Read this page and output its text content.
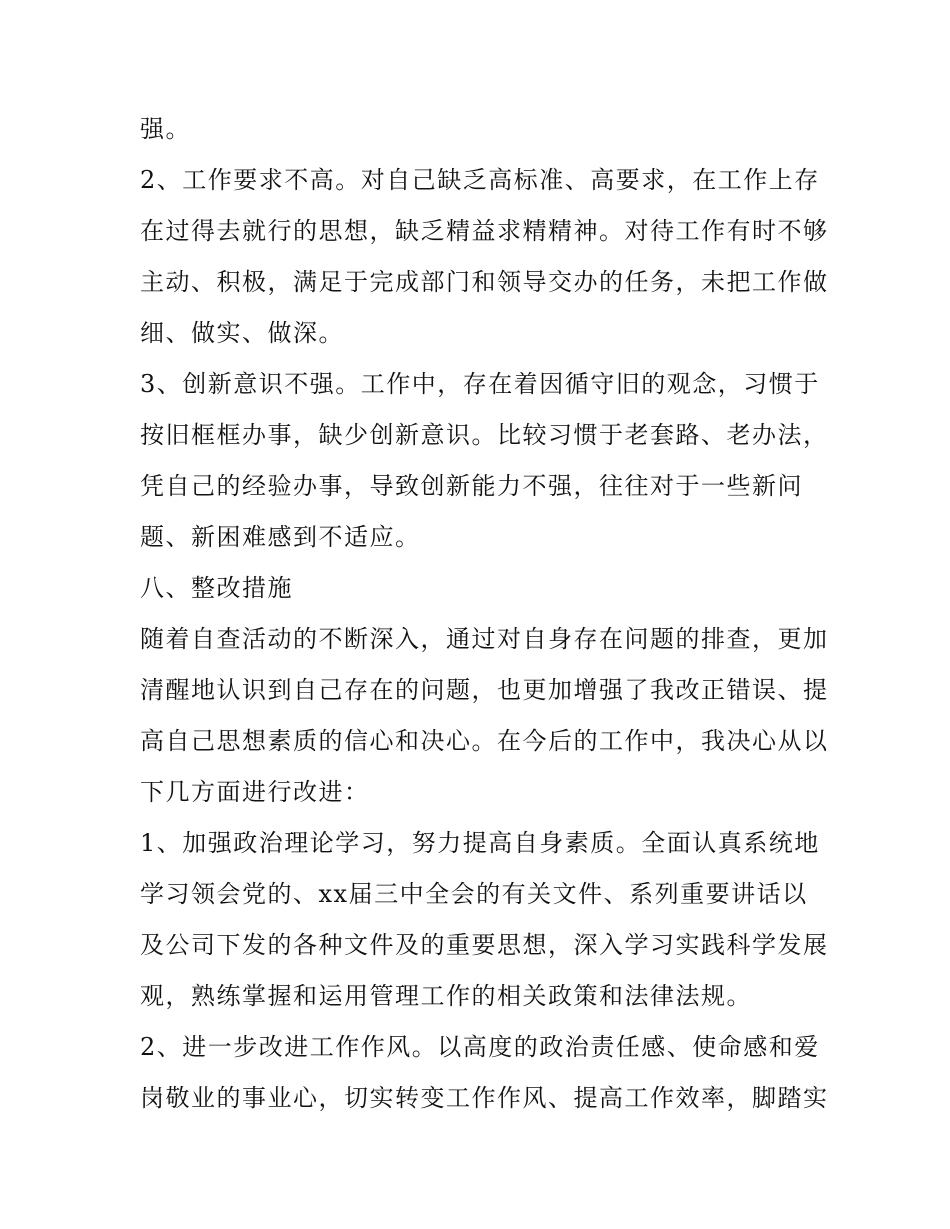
强。

2、工作要求不高。对自己缺乏高标准、高要求，在工作上存

在过得去就行的思想，缺乏精益求精精神。对待工作有时不够

主动、积极，满足于完成部门和领导交办的任务，未把工作做

细、做实、做深。

3、创新意识不强。工作中，存在着因循守旧的观念，习惯于

按旧框框办事，缺少创新意识。比较习惯于老套路、老办法，

凭自己的经验办事，导致创新能力不强，往往对于一些新问

题、新困难感到不适应。

八、整改措施

随着自查活动的不断深入，通过对自身存在问题的排查，更加

清醒地认识到自己存在的问题，也更加增强了我改正错误、提

高自己思想素质的信心和决心。在今后的工作中，我决心从以

下几方面进行改进：

1、加强政治理论学习，努力提高自身素质。全面认真系统地

学习领会党的、xx届三中全会的有关文件、系列重要讲话以

及公司下发的各种文件及的重要思想，深入学习实践科学发展

观，熟练掌握和运用管理工作的相关政策和法律法规。

2、进一步改进工作作风。以高度的政治责任感、使命感和爱

岗敬业的事业心，切实转变工作作风、提高工作效率，脚踏实
